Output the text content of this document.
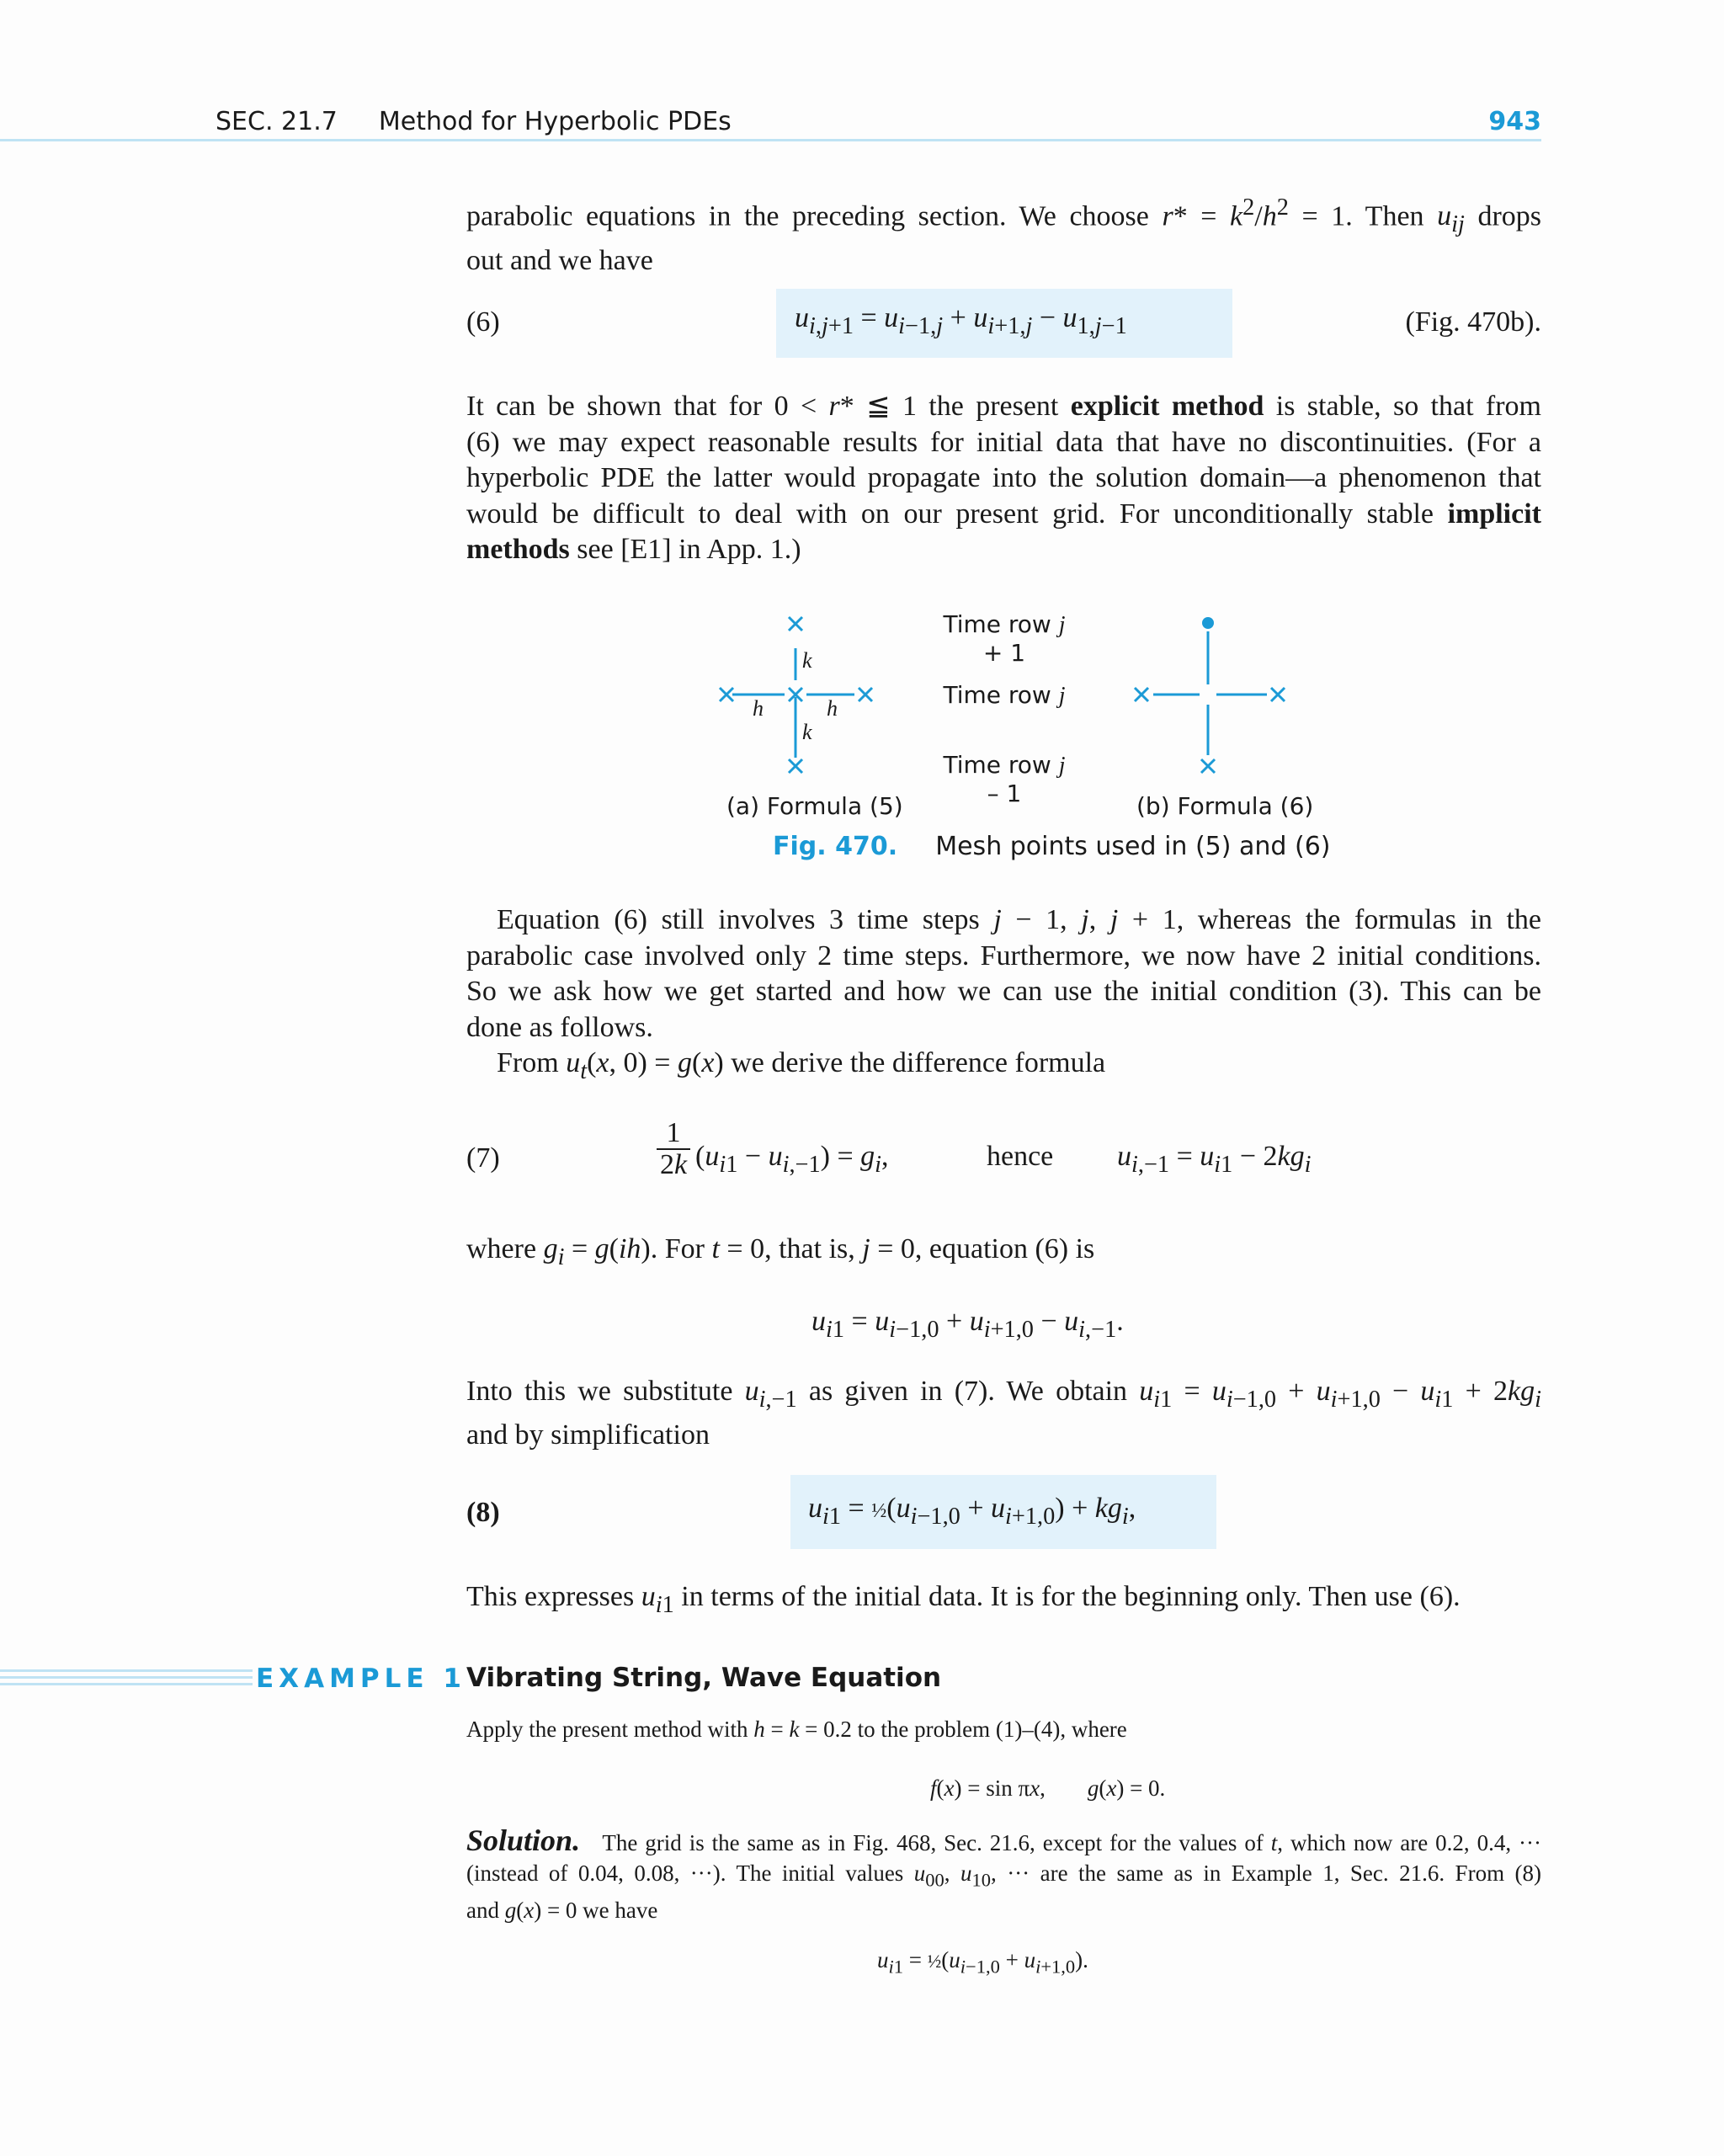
SEC. 21.7 Method for Hyperbolic PDEs	943
parabolic equations in the preceding section. We choose $r* = k^2/h^2 = 1$. Then $u_{ij}$ drops
out and we have
(6)	$u_{i,j+1} = u_{i-1,j} + u_{i+1,j} - u_{1,j-1}$	(Fig. 470b).
It can be shown that for 0 < r* ≦ 1 the present explicit method is stable, so that from
(6) we may expect reasonable results for initial data that have no discontinuities. (For a
hyperbolic PDE the latter would propagate into the solution domain—a phenomenon that
would be difficult to deal with on our present grid. For unconditionally stable implicit
methods see [E1] in App. 1.)
k
k
h	h
Time row j + 1
Time row j
Time row j – 1
(a) Formula (5)	(b) Formula (6)
Fig. 470. Mesh points used in (5) and (6)
Equation (6) still involves 3 time steps j − 1, j, j + 1, whereas the formulas in the
parabolic case involved only 2 time steps. Furthermore, we now have 2 initial conditions.
So we ask how we get started and how we can use the initial condition (3). This can be
done as follows.
From $u_t(x$, 0) = g(x) we derive the difference formula
(7)	$\frac{1}{2k} (u_{i1} - u_{i,-1}) = g_i$,	hence $u_{i,-1} = u_{i1} - 2kg_i$
where $g_i = g(ih)$. For t = 0, that is, j = 0, equation (6) is
$u_{i1} = u_{i-1,0} + u_{i+1,0} - u_{i,-1}$.
Into this we substitute $u_{i,-1}$ as given in (7). We obtain $u_{i1} = u_{i-1,0} + u_{i+1,0} - u_{i1} + 2kg_i$
and by simplification
(8)	$u_{i1}$ = $\frac{1}{2}(u_{i-1,0} + u_{i+1,0}) + kg_i$,
This expresses $u_{i1}$ in terms of the initial data. It is for the beginning only. Then use (6).
EXAMPLE 1 Vibrating String, Wave Equation
Apply the present method with h = k = 0.2 to the problem (1)–(4), where
f(x) = sin πx, g(x) = 0.
Solution.   The grid is the same as in Fig. 468, Sec. 21.6, except for the values of t, which now are 0.2, 0.4, ···
(instead of 0.04, 0.08, ···). The initial values $u_{00}$, $u_{10}$, ··· are the same as in Example 1, Sec. 21.6. From (8)
and g(x) = 0 we have
$u_{i1}$ = $\frac{1}{2}(u_{i-1,0} + u_{i+1,0})$.
